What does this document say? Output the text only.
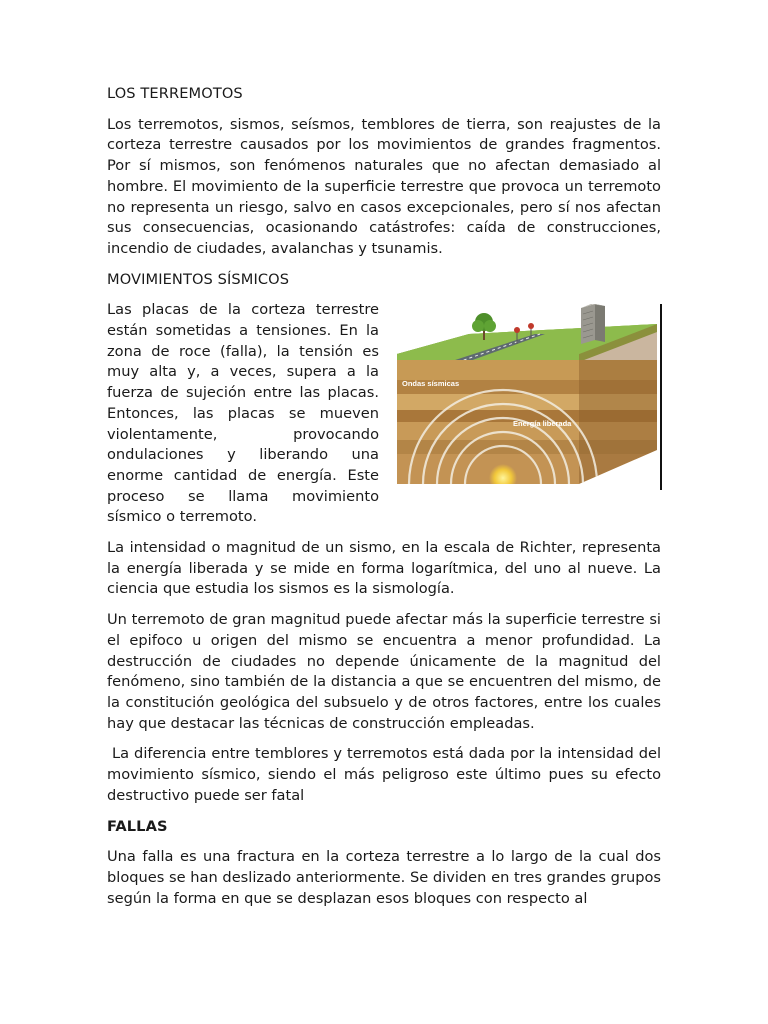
LOS TERREMOTOS

Los terremotos, sismos, seísmos, temblores de tierra, son reajustes de la corteza terrestre causados por los movimientos de grandes fragmentos. Por sí mismos, son fenómenos naturales que no afectan demasiado al hombre. El movimiento de la superficie terrestre que provoca un terremoto no representa un riesgo, salvo en casos excepcionales, pero sí nos afectan sus consecuencias, ocasionando catástrofes: caída de construcciones, incendio de ciudades, avalanchas y tsunamis.

MOVIMIENTOS SÍSMICOS
Ondas sísmicas
Energía liberada

Las placas de la corteza terrestre están sometidas a tensiones. En la zona de roce (falla), la tensión es muy alta y, a veces, supera a la fuerza de sujeción entre las placas. Entonces, las placas se mueven violentamente, provocando ondulaciones y liberando una enorme cantidad de energía. Este proceso se llama movimiento sísmico o terremoto.

La intensidad o magnitud de un sismo, en la escala de Richter, representa la energía liberada y se mide en forma logarítmica, del uno al nueve. La ciencia que estudia los sismos es la sismología.

Un terremoto de gran magnitud puede afectar más la superficie terrestre si el epifoco u origen del mismo se encuentra a menor profundidad. La destrucción de ciudades no depende únicamente de la magnitud del fenómeno, sino también de la distancia a que se encuentren del mismo, de la constitución geológica del subsuelo y de otros factores, entre los cuales hay que destacar las técnicas de construcción empleadas.

La diferencia entre temblores y terremotos está dada por la intensidad del movimiento sísmico, siendo el más peligroso este último pues su efecto destructivo puede ser fatal

FALLAS

Una falla es una fractura en la corteza terrestre a lo largo de la cual dos bloques se han deslizado anteriormente. Se dividen en tres grandes grupos según la forma en que se desplazan esos bloques con respecto al
